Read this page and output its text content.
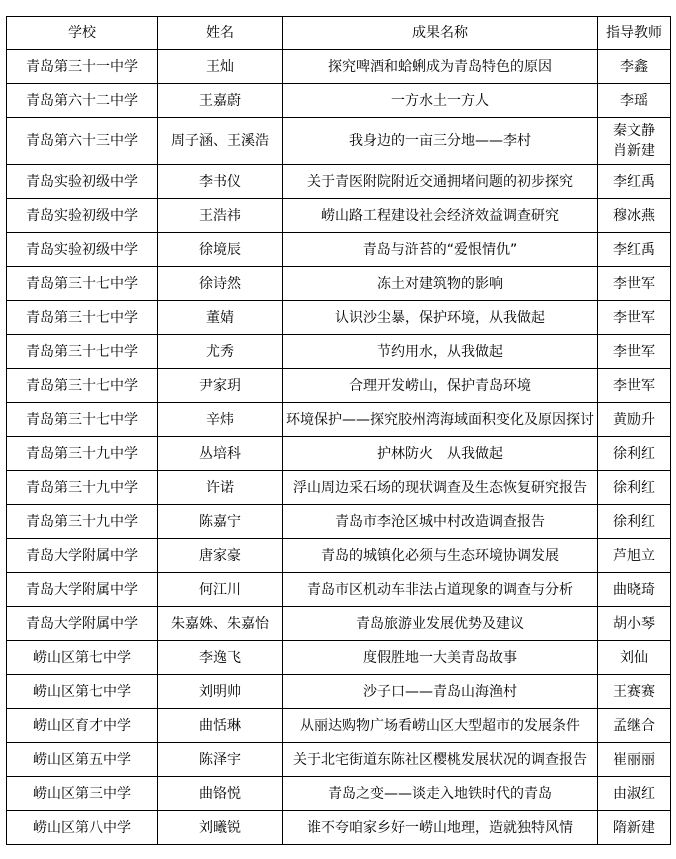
学校	姓名	成果名称	指导教师
青岛第三十一中学	王灿	探究啤酒和蛤蜊成为青岛特色的原因	李鑫

青岛第六十二中学	王嘉蔚	一方水土一方人	李瑶

青岛第六十三中学	周子涵、王溪浩	我身边的一亩三分地——李村	秦文静
肖新建

青岛实验初级中学	李书仪	关于青医附院附近交通拥堵问题的初步探究	李红禹

青岛实验初级中学	王浩祎	崂山路工程建设社会经济效益调查研究	穆冰燕

青岛实验初级中学	徐境辰	青岛与浒苔的“爱恨情仇”	李红禹

青岛第三十七中学	徐诗然	冻土对建筑物的影响	李世军

青岛第三十七中学	董婧	认识沙尘暴，保护环境，从我做起	李世军

青岛第三十七中学	尤秀	节约用水，从我做起	李世军

青岛第三十七中学	尹家玥	合理开发崂山，保护青岛环境	李世军

青岛第三十七中学	辛炜	环境保护——探究胶州湾海域面积变化及原因探讨	黄励升

青岛第三十九中学	丛培科	护林防火　从我做起	徐利红

青岛第三十九中学	许诺	浮山周边采石场的现状调查及生态恢复研究报告	徐利红

青岛第三十九中学	陈嘉宁	青岛市李沧区城中村改造调查报告	徐利红

青岛大学附属中学	唐家豪	青岛的城镇化必须与生态环境协调发展	芦旭立

青岛大学附属中学	何江川	青岛市区机动车非法占道现象的调查与分析	曲晓琦

青岛大学附属中学	朱嘉姝、朱嘉怡	青岛旅游业发展优势及建议	胡小琴

崂山区第七中学	李逸飞	度假胜地一大美青岛故事	刘仙

崂山区第七中学	刘明帅	沙子口——青岛山海渔村	王赛赛

崂山区育才中学	曲恬琳	从丽达购物广场看崂山区大型超市的发展条件	孟继合

崂山区第五中学	陈泽宇	关于北宅街道东陈社区樱桃发展状况的调查报告	崔丽丽

崂山区第三中学	曲铬悦	青岛之变——谈走入地铁时代的青岛	由淑红

崂山区第八中学	刘曦锐	谁不夸咱家乡好一崂山地理，造就独特风情	隋新建
